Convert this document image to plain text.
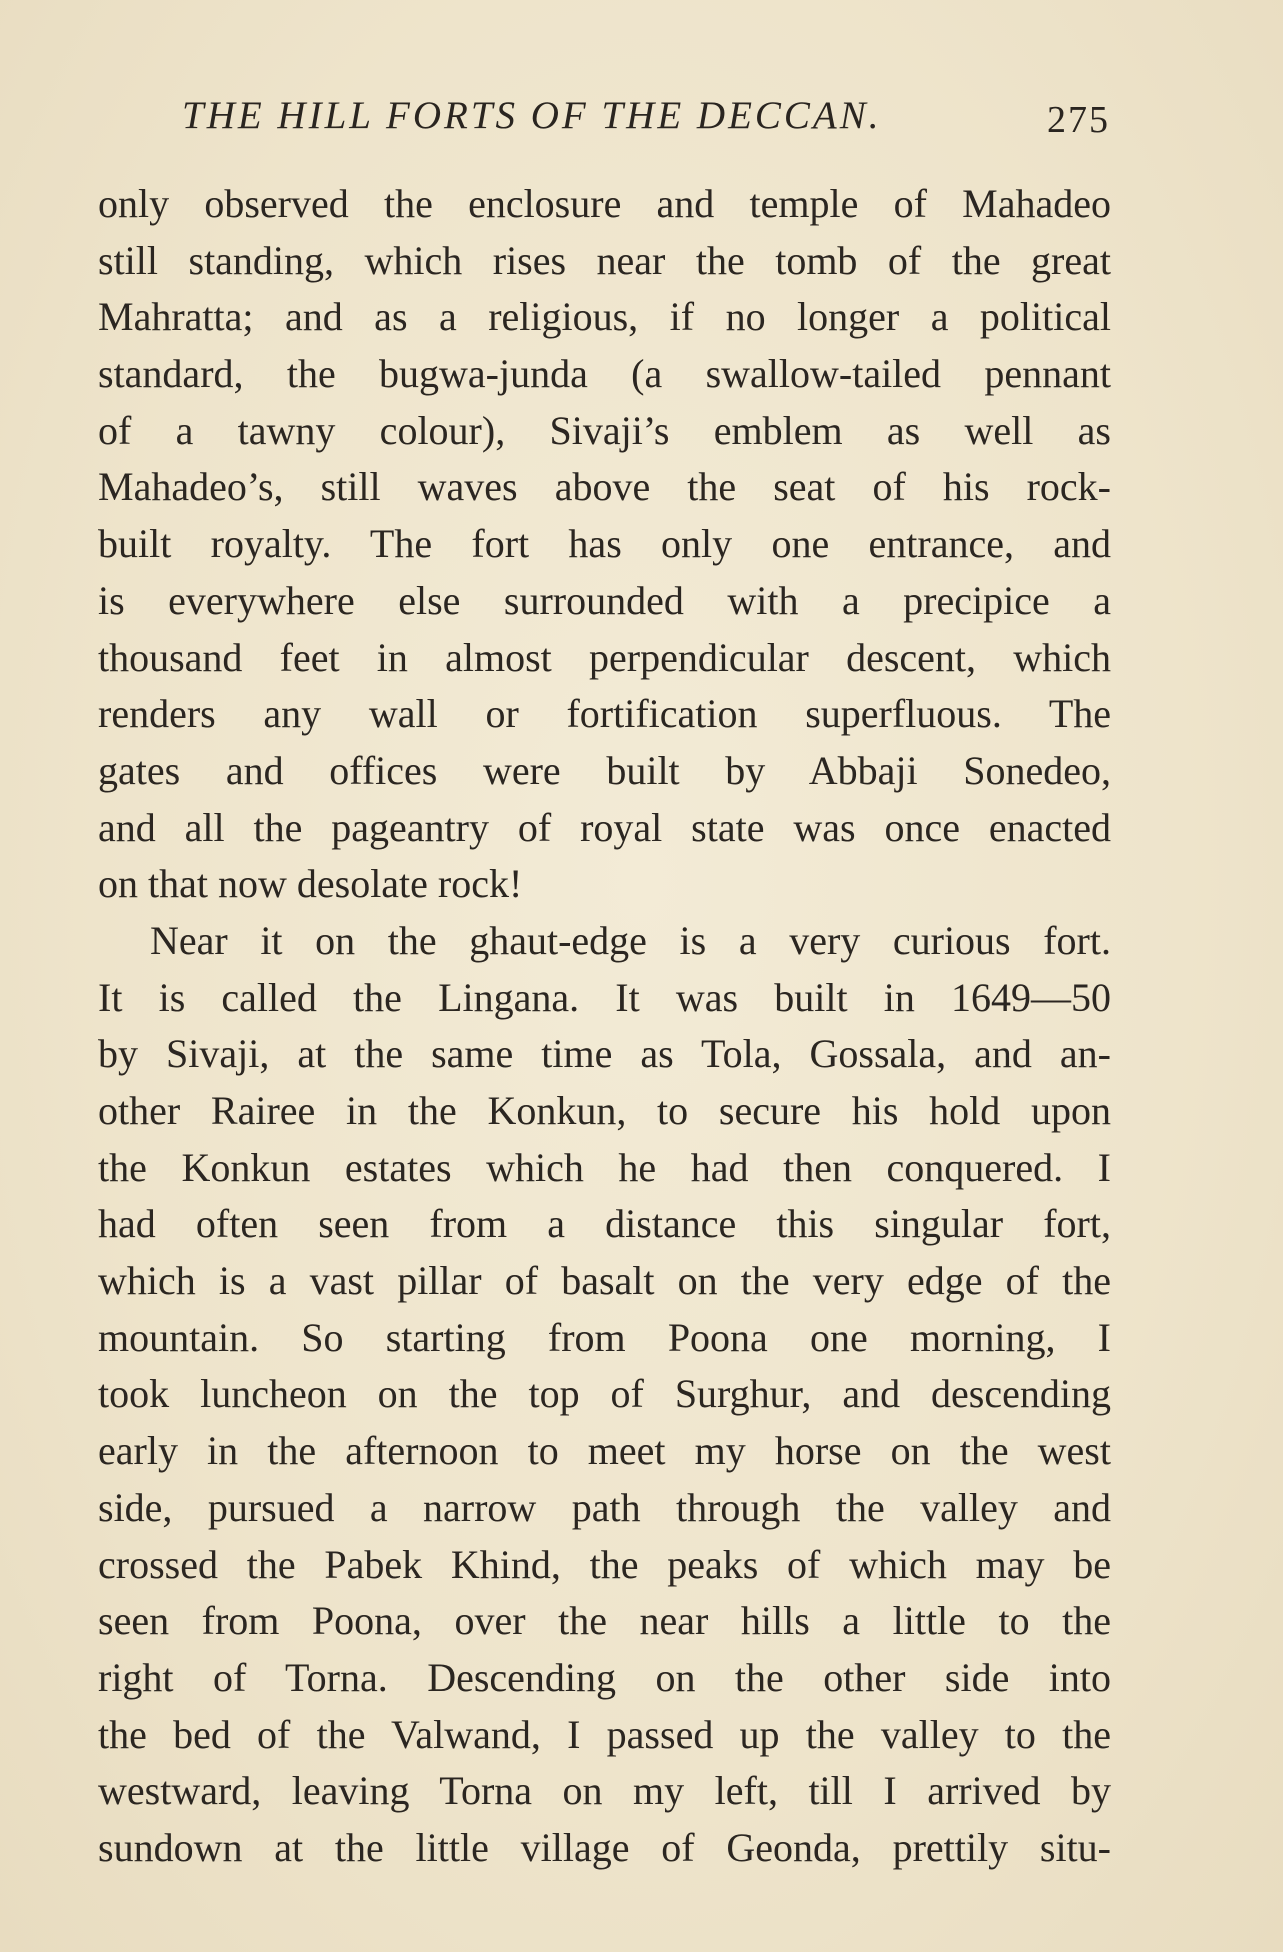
THE HILL FORTS OF THE DECCAN.	275
only observed the enclosure and temple of Mahadeo
still standing, which rises near the tomb of the great
Mahratta; and as a religious, if no longer a political
standard, the bugwa-junda (a swallow-tailed pennant
of a tawny colour), Sivaji’s emblem as well as
Mahadeo’s, still waves above the seat of his rock-
built royalty. The fort has only one entrance, and
is everywhere else surrounded with a precipice a
thousand feet in almost perpendicular descent, which
renders any wall or fortification superfluous. The
gates and offices were built by Abbaji Sonedeo,
and all the pageantry of royal state was once enacted
on that now desolate rock!
Near it on the ghaut-edge is a very curious fort.
It is called the Lingana. It was built in 1649—50
by Sivaji, at the same time as Tola, Gossala, and an-
other Rairee in the Konkun, to secure his hold upon
the Konkun estates which he had then conquered. I
had often seen from a distance this singular fort,
which is a vast pillar of basalt on the very edge of the
mountain. So starting from Poona one morning, I
took luncheon on the top of Surghur, and descending
early in the afternoon to meet my horse on the west
side, pursued a narrow path through the valley and
crossed the Pabek Khind, the peaks of which may be
seen from Poona, over the near hills a little to the
right of Torna. Descending on the other side into
the bed of the Valwand, I passed up the valley to the
westward, leaving Torna on my left, till I arrived by
sundown at the little village of Geonda, prettily situ-
